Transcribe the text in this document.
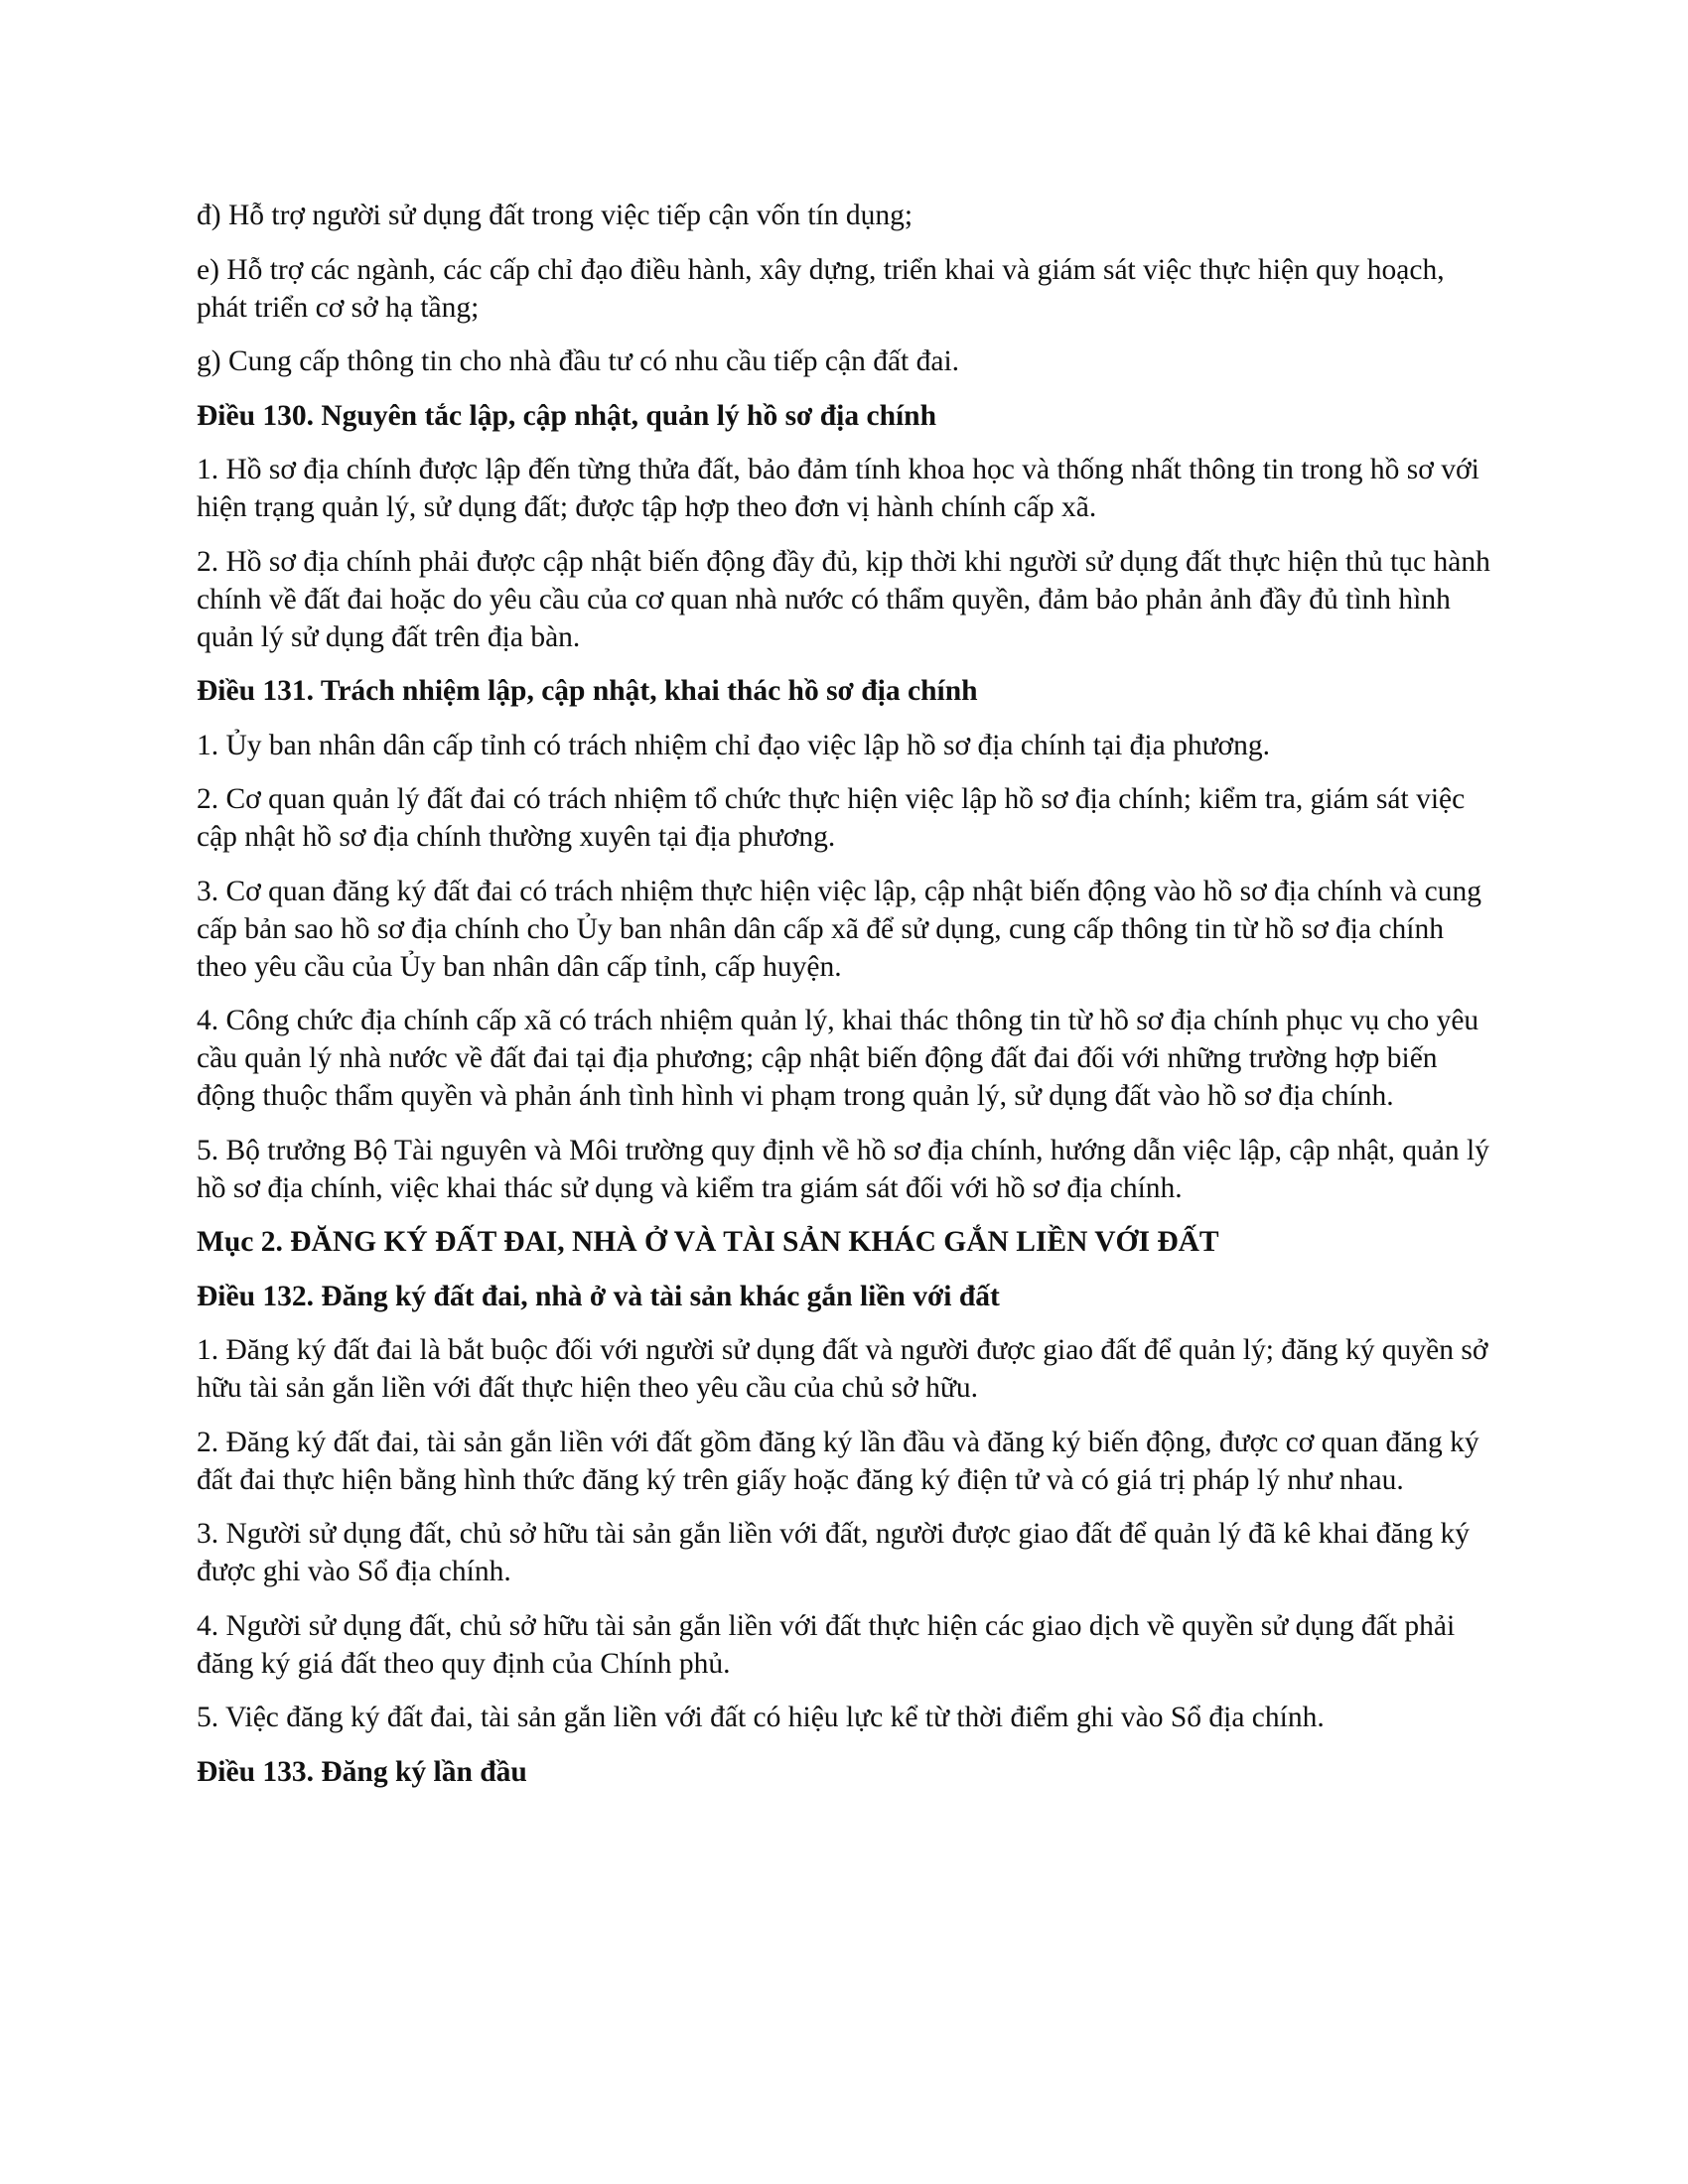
đ) Hỗ trợ người sử dụng đất trong việc tiếp cận vốn tín dụng;

e) Hỗ trợ các ngành, các cấp chỉ đạo điều hành, xây dựng, triển khai và giám sát việc thực hiện quy hoạch, phát triển cơ sở hạ tầng;

g) Cung cấp thông tin cho nhà đầu tư có nhu cầu tiếp cận đất đai.

Điều 130. Nguyên tắc lập, cập nhật, quản lý hồ sơ địa chính

1. Hồ sơ địa chính được lập đến từng thửa đất, bảo đảm tính khoa học và thống nhất thông tin trong hồ sơ với hiện trạng quản lý, sử dụng đất; được tập hợp theo đơn vị hành chính cấp xã.

2. Hồ sơ địa chính phải được cập nhật biến động đầy đủ, kịp thời khi người sử dụng đất thực hiện thủ tục hành chính về đất đai hoặc do yêu cầu của cơ quan nhà nước có thẩm quyền, đảm bảo phản ảnh đầy đủ tình hình quản lý sử dụng đất trên địa bàn.

Điều 131. Trách nhiệm lập, cập nhật, khai thác hồ sơ địa chính

1. Ủy ban nhân dân cấp tỉnh có trách nhiệm chỉ đạo việc lập hồ sơ địa chính tại địa phương.

2. Cơ quan quản lý đất đai có trách nhiệm tổ chức thực hiện việc lập hồ sơ địa chính; kiểm tra, giám sát việc cập nhật hồ sơ địa chính thường xuyên tại địa phương.

3. Cơ quan đăng ký đất đai có trách nhiệm thực hiện việc lập, cập nhật biến động vào hồ sơ địa chính và cung cấp bản sao hồ sơ địa chính cho Ủy ban nhân dân cấp xã để sử dụng, cung cấp thông tin từ hồ sơ địa chính theo yêu cầu của Ủy ban nhân dân cấp tỉnh, cấp huyện.

4. Công chức địa chính cấp xã có trách nhiệm quản lý, khai thác thông tin từ hồ sơ địa chính phục vụ cho yêu cầu quản lý nhà nước về đất đai tại địa phương; cập nhật biến động đất đai đối với những trường hợp biến động thuộc thẩm quyền và phản ánh tình hình vi phạm trong quản lý, sử dụng đất vào hồ sơ địa chính.

5. Bộ trưởng Bộ Tài nguyên và Môi trường quy định về hồ sơ địa chính, hướng dẫn việc lập, cập nhật, quản lý hồ sơ địa chính, việc khai thác sử dụng và kiểm tra giám sát đối với hồ sơ địa chính.

Mục 2. ĐĂNG KÝ ĐẤT ĐAI, NHÀ Ở VÀ TÀI SẢN KHÁC GẮN LIỀN VỚI ĐẤT

Điều 132. Đăng ký đất đai, nhà ở và tài sản khác gắn liền với đất

1. Đăng ký đất đai là bắt buộc đối với người sử dụng đất và người được giao đất để quản lý; đăng ký quyền sở hữu tài sản gắn liền với đất thực hiện theo yêu cầu của chủ sở hữu.

2. Đăng ký đất đai, tài sản gắn liền với đất gồm đăng ký lần đầu và đăng ký biến động, được cơ quan đăng ký đất đai thực hiện bằng hình thức đăng ký trên giấy hoặc đăng ký điện tử và có giá trị pháp lý như nhau.

3. Người sử dụng đất, chủ sở hữu tài sản gắn liền với đất, người được giao đất để quản lý đã kê khai đăng ký được ghi vào Sổ địa chính.

4. Người sử dụng đất, chủ sở hữu tài sản gắn liền với đất thực hiện các giao dịch về quyền sử dụng đất phải đăng ký giá đất theo quy định của Chính phủ.

5. Việc đăng ký đất đai, tài sản gắn liền với đất có hiệu lực kể từ thời điểm ghi vào Sổ địa chính.

Điều 133. Đăng ký lần đầu
